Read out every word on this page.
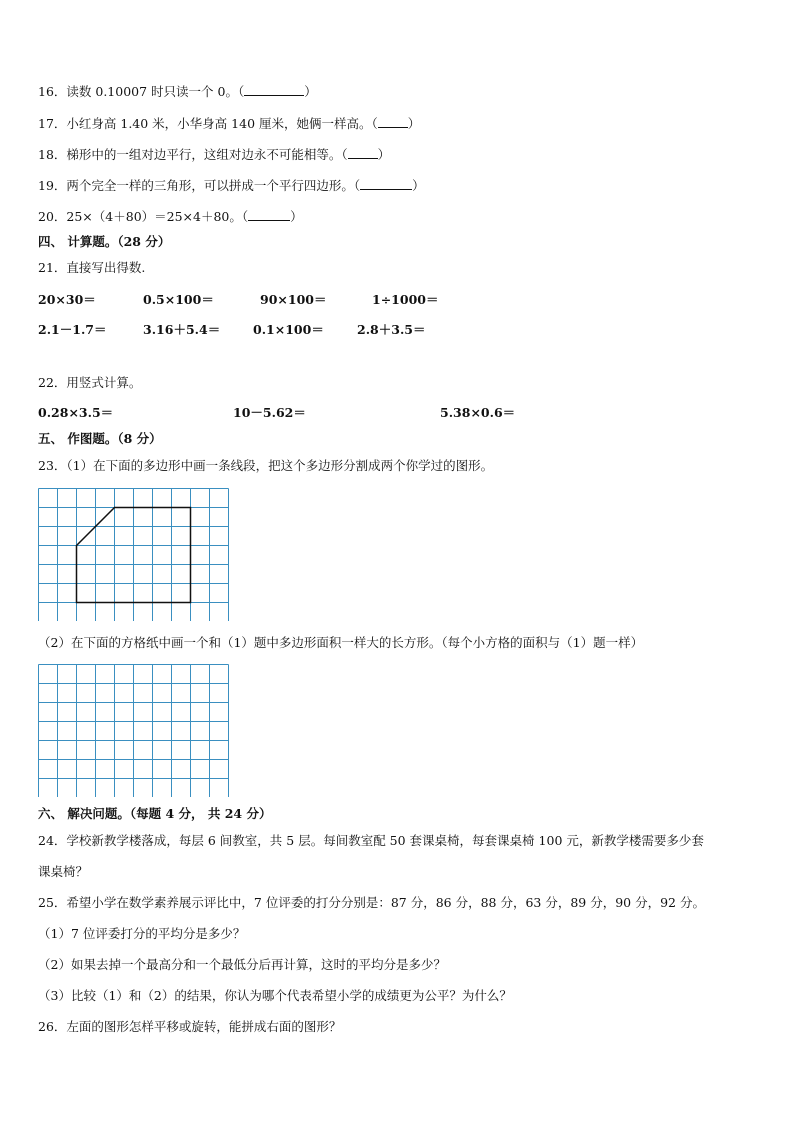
16．读数 0.10007 时只读一个 0。（	）
17．小红身高 1.40 米，小华身高 140 厘米，她俩一样高。（ ）
18．梯形中的一组对边平行，这组对边永不可能相等。（ ）
19．两个完全一样的三角形，可以拼成一个平行四边形。（	）
20．25×（4＋80）＝25×4＋80。（	）
四、 计算题。（28 分）
21．直接写出得数.
20×30＝	0.5×100＝	90×100＝	1÷1000＝
2.1－1.7＝	3.16＋5.4＝	0.1×100＝	2.8＋3.5＝
22．用竖式计算。
0.28×3.5＝	10－5.62＝	5.38×0.6＝
五、 作图题。（8 分）
23．（1）在下面的多边形中画一条线段，把这个多边形分割成两个你学过的图形。
（2）在下面的方格纸中画一个和（1）题中多边形面积一样大的长方形。（每个小方格的面积与（1）题一样）
六、 解决问题。（每题 4 分， 共 24 分）
24．学校新教学楼落成，每层 6 间教室，共 5 层。每间教室配 50 套课桌椅，每套课桌椅 100 元，新教学楼需要多少套
课桌椅？
25．希望小学在数学素养展示评比中，7 位评委的打分分别是：87 分，86 分，88 分，63 分，89 分，90 分，92 分。
（1）7 位评委打分的平均分是多少？
（2）如果去掉一个最高分和一个最低分后再计算，这时的平均分是多少？
（3）比较（1）和（2）的结果，你认为哪个代表希望小学的成绩更为公平？为什么？
26．左面的图形怎样平移或旋转，能拼成右面的图形？
